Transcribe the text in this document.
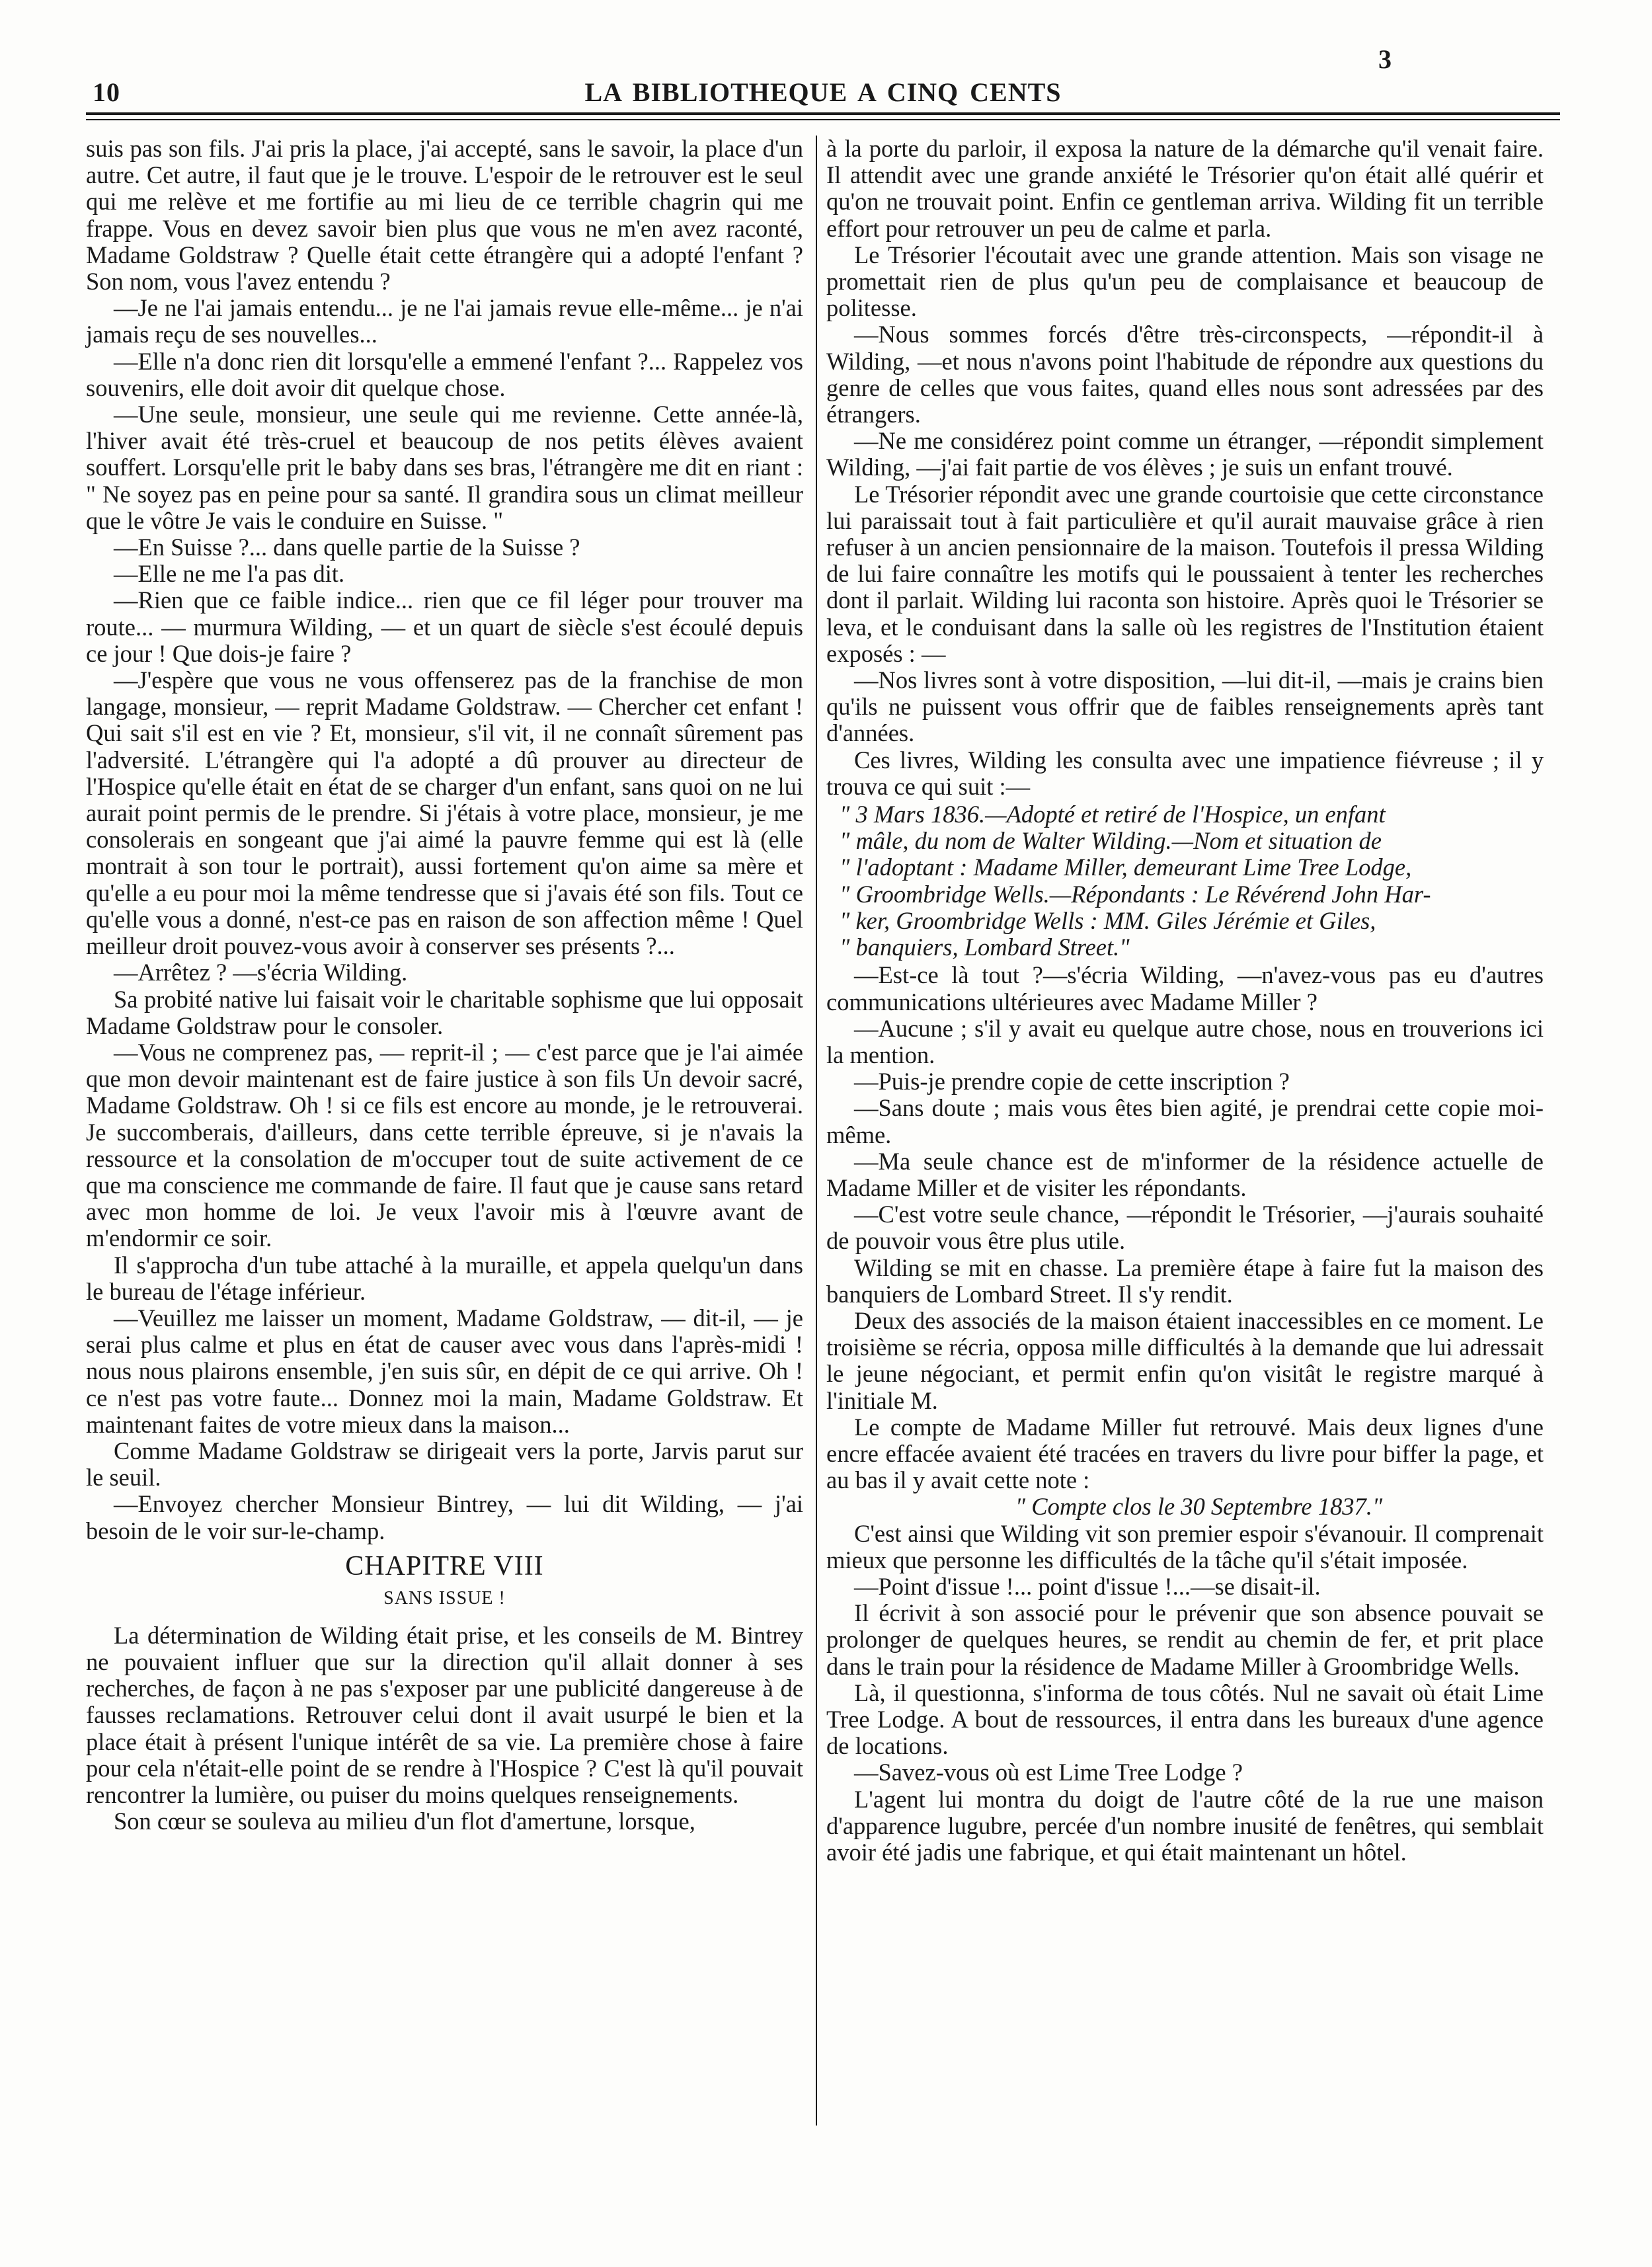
3
10	LA BIBLIOTHEQUE A CINQ CENTS

suis pas son fils. J'ai pris la place, j'ai accepté, sans le savoir, la place d'un autre. Cet autre, il faut que je le trouve. L'espoir de le retrouver est le seul qui me relève et me fortifie au mi lieu de ce terrible chagrin qui me frappe. Vous en devez savoir bien plus que vous ne m'en avez raconté, Madame Goldstraw ? Quelle était cette étrangère qui a adopté l'enfant ? Son nom, vous l'avez entendu ?

—Je ne l'ai jamais entendu... je ne l'ai jamais revue elle-même... je n'ai jamais reçu de ses nouvelles...

—Elle n'a donc rien dit lorsqu'elle a emmené l'enfant ?... Rappelez vos souvenirs, elle doit avoir dit quelque chose.

—Une seule, monsieur, une seule qui me revienne. Cette année-là, l'hiver avait été très-cruel et beaucoup de nos petits élèves avaient souffert. Lorsqu'elle prit le baby dans ses bras, l'étrangère me dit en riant : " Ne soyez pas en peine pour sa santé. Il grandira sous un climat meilleur que le vôtre Je vais le conduire en Suisse. "

—En Suisse ?... dans quelle partie de la Suisse ?

—Elle ne me l'a pas dit.

—Rien que ce faible indice... rien que ce fil léger pour trouver ma route... — murmura Wilding, — et un quart de siècle s'est écoulé depuis ce jour ! Que dois-je faire ?

—J'espère que vous ne vous offenserez pas de la franchise de mon langage, monsieur, — reprit Madame Goldstraw. — Chercher cet enfant ! Qui sait s'il est en vie ? Et, monsieur, s'il vit, il ne connaît sûrement pas l'adversité. L'étrangère qui l'a adopté a dû prouver au directeur de l'Hospice qu'elle était en état de se charger d'un enfant, sans quoi on ne lui aurait point permis de le prendre. Si j'étais à votre place, monsieur, je me consolerais en songeant que j'ai aimé la pauvre femme qui est là (elle montrait à son tour le portrait), aussi fortement qu'on aime sa mère et qu'elle a eu pour moi la même tendresse que si j'avais été son fils. Tout ce qu'elle vous a donné, n'est-ce pas en raison de son affection même ! Quel meilleur droit pouvez-vous avoir à conserver ses présents ?...

—Arrêtez ? —s'écria Wilding.

Sa probité native lui faisait voir le charitable sophisme que lui opposait Madame Goldstraw pour le consoler.

—Vous ne comprenez pas, — reprit-il ; — c'est parce que je l'ai aimée que mon devoir maintenant est de faire justice à son fils Un devoir sacré, Madame Goldstraw. Oh ! si ce fils est encore au monde, je le retrouverai. Je succomberais, d'ailleurs, dans cette terrible épreuve, si je n'avais la ressource et la consolation de m'occuper tout de suite activement de ce que ma conscience me commande de faire. Il faut que je cause sans retard avec mon homme de loi. Je veux l'avoir mis à l'œuvre avant de m'endormir ce soir.

Il s'approcha d'un tube attaché à la muraille, et appela quelqu'un dans le bureau de l'étage inférieur.

—Veuillez me laisser un moment, Madame Goldstraw, — dit-il, — je serai plus calme et plus en état de causer avec vous dans l'après-midi ! nous nous plairons ensemble, j'en suis sûr, en dépit de ce qui arrive. Oh ! ce n'est pas votre faute... Donnez moi la main, Madame Goldstraw. Et maintenant faites de votre mieux dans la maison...

Comme Madame Goldstraw se dirigeait vers la porte, Jarvis parut sur le seuil.

—Envoyez chercher Monsieur Bintrey, — lui dit Wilding, — j'ai besoin de le voir sur-le-champ.

CHAPITRE VIII
SANS ISSUE !

La détermination de Wilding était prise, et les conseils de M. Bintrey ne pouvaient influer que sur la direction qu'il allait donner à ses recherches, de façon à ne pas s'exposer par une publicité dangereuse à de fausses reclamations. Retrouver celui dont il avait usurpé le bien et la place était à présent l'unique intérêt de sa vie. La première chose à faire pour cela n'était-elle point de se rendre à l'Hospice ? C'est là qu'il pouvait rencontrer la lumière, ou puiser du moins quelques renseignements.

Son cœur se souleva au milieu d'un flot d'amertune, lorsque,

à la porte du parloir, il exposa la nature de la démarche qu'il venait faire. Il attendit avec une grande anxiété le Trésorier qu'on était allé quérir et qu'on ne trouvait point. Enfin ce gentleman arriva. Wilding fit un terrible effort pour retrouver un peu de calme et parla.

Le Trésorier l'écoutait avec une grande attention. Mais son visage ne promettait rien de plus qu'un peu de complaisance et beaucoup de politesse.

—Nous sommes forcés d'être très-circonspects, —répondit-il à Wilding, —et nous n'avons point l'habitude de répondre aux questions du genre de celles que vous faites, quand elles nous sont adressées par des étrangers.

—Ne me considérez point comme un étranger, —répondit simplement Wilding, —j'ai fait partie de vos élèves ; je suis un enfant trouvé.

Le Trésorier répondit avec une grande courtoisie que cette circonstance lui paraissait tout à fait particulière et qu'il aurait mauvaise grâce à rien refuser à un ancien pensionnaire de la maison. Toutefois il pressa Wilding de lui faire connaître les motifs qui le poussaient à tenter les recherches dont il parlait. Wilding lui raconta son histoire. Après quoi le Trésorier se leva, et le conduisant dans la salle où les registres de l'Institution étaient exposés : —

—Nos livres sont à votre disposition, —lui dit-il, —mais je crains bien qu'ils ne puissent vous offrir que de faibles renseignements après tant d'années.

Ces livres, Wilding les consulta avec une impatience fiévreuse ; il y trouva ce qui suit :—

" 3 Mars 1836.—Adopté et retiré de l'Hospice, un enfant
" mâle, du nom de Walter Wilding.—Nom et situation de
" l'adoptant : Madame Miller, demeurant Lime Tree Lodge,
" Groombridge Wells.—Répondants : Le Révérend John Har-
" ker, Groombridge Wells : MM. Giles Jérémie et Giles,
" banquiers, Lombard Street."

—Est-ce là tout ?—s'écria Wilding, —n'avez-vous pas eu d'autres communications ultérieures avec Madame Miller ?

—Aucune ; s'il y avait eu quelque autre chose, nous en trouverions ici la mention.

—Puis-je prendre copie de cette inscription ?

—Sans doute ; mais vous êtes bien agité, je prendrai cette copie moi-même.

—Ma seule chance est de m'informer de la résidence actuelle de Madame Miller et de visiter les répondants.

—C'est votre seule chance, —répondit le Trésorier, —j'aurais souhaité de pouvoir vous être plus utile.

Wilding se mit en chasse. La première étape à faire fut la maison des banquiers de Lombard Street. Il s'y rendit.

Deux des associés de la maison étaient inaccessibles en ce moment. Le troisième se récria, opposa mille difficultés à la demande que lui adressait le jeune négociant, et permit enfin qu'on visitât le registre marqué à l'initiale M.

Le compte de Madame Miller fut retrouvé. Mais deux lignes d'une encre effacée avaient été tracées en travers du livre pour biffer la page, et au bas il y avait cette note :

" Compte clos le 30 Septembre 1837."

C'est ainsi que Wilding vit son premier espoir s'évanouir. Il comprenait mieux que personne les difficultés de la tâche qu'il s'était imposée.

—Point d'issue !... point d'issue !...—se disait-il.

Il écrivit à son associé pour le prévenir que son absence pouvait se prolonger de quelques heures, se rendit au chemin de fer, et prit place dans le train pour la résidence de Madame Miller à Groombridge Wells.

Là, il questionna, s'informa de tous côtés. Nul ne savait où était Lime Tree Lodge. A bout de ressources, il entra dans les bureaux d'une agence de locations.

—Savez-vous où est Lime Tree Lodge ?

L'agent lui montra du doigt de l'autre côté de la rue une maison d'apparence lugubre, percée d'un nombre inusité de fenêtres, qui semblait avoir été jadis une fabrique, et qui était maintenant un hôtel.
